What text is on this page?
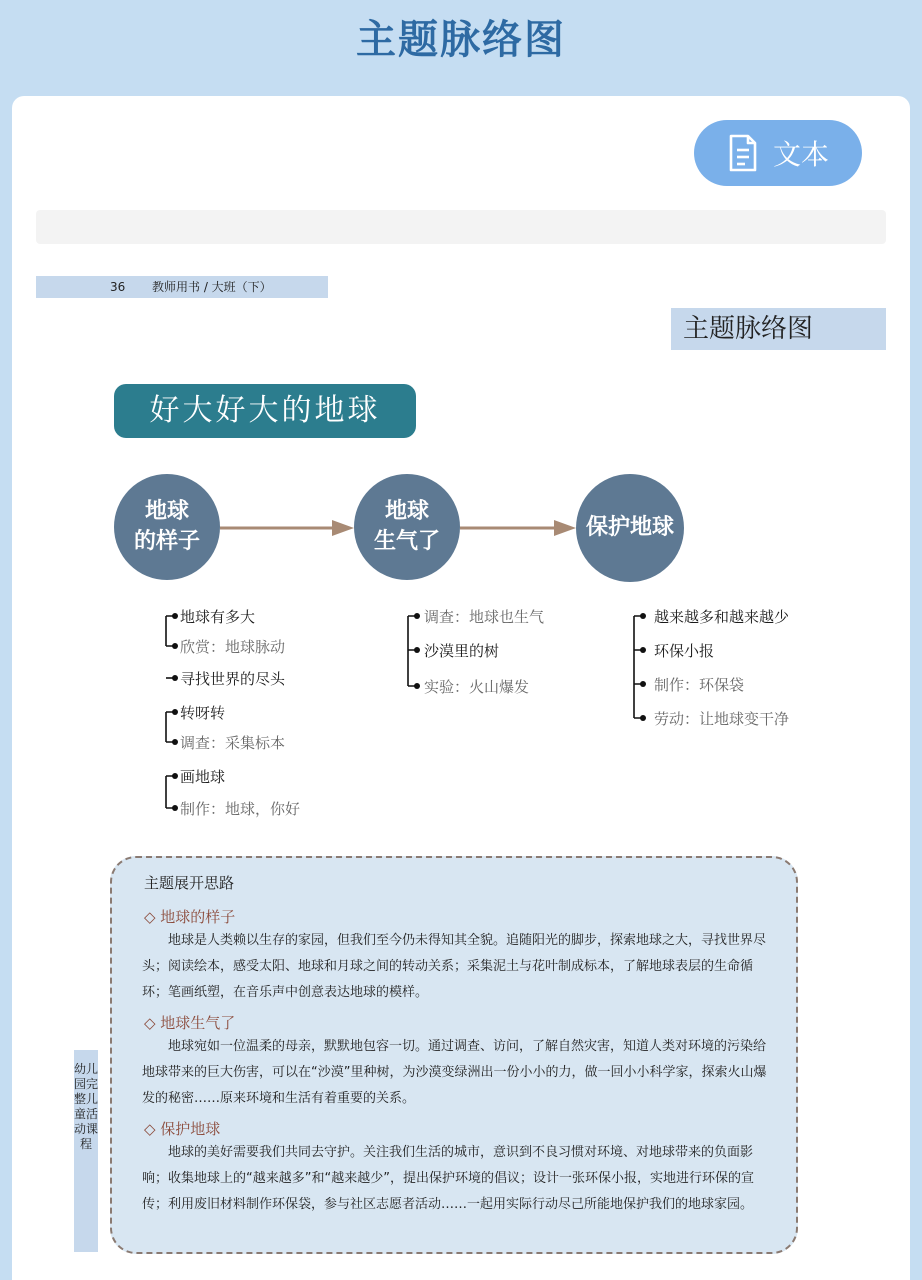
主题脉络图
文本
36 教师用书 / 大班（下）
主题脉络图
好大好大的地球
地球
的样子
地球
生气了
保护地球
地球有多大
欣赏：地球脉动
寻找世界的尽头
转呀转
调查：采集标本
画地球
制作：地球，你好
调查：地球也生气
沙漠里的树
实验：火山爆发
越来越多和越来越少
环保小报
制作：环保袋
劳动：让地球变干净
主题展开思路
◇ 地球的样子
地球是人类赖以生存的家园，但我们至今仍未得知其全貌。追随阳光的脚步，探索地球之大，寻找世界尽头；阅读绘本，感受太阳、地球和月球之间的转动关系；采集泥土与花叶制成标本，了解地球表层的生命循环；笔画纸塑，在音乐声中创意表达地球的模样。
◇ 地球生气了
地球宛如一位温柔的母亲，默默地包容一切。通过调查、访问，了解自然灾害，知道人类对环境的污染给地球带来的巨大伤害，可以在“沙漠”里种树，为沙漠变绿洲出一份小小的力，做一回小小科学家，探索火山爆发的秘密……原来环境和生活有着重要的关系。
◇ 保护地球
地球的美好需要我们共同去守护。关注我们生活的城市，意识到不良习惯对环境、对地球带来的负面影响；收集地球上的“越来越多”和“越来越少”，提出保护环境的倡议；设计一张环保小报，实地进行环保的宣传；利用废旧材料制作环保袋，参与社区志愿者活动……一起用实际行动尽己所能地保护我们的地球家园。
幼儿园完整儿童活动课程
